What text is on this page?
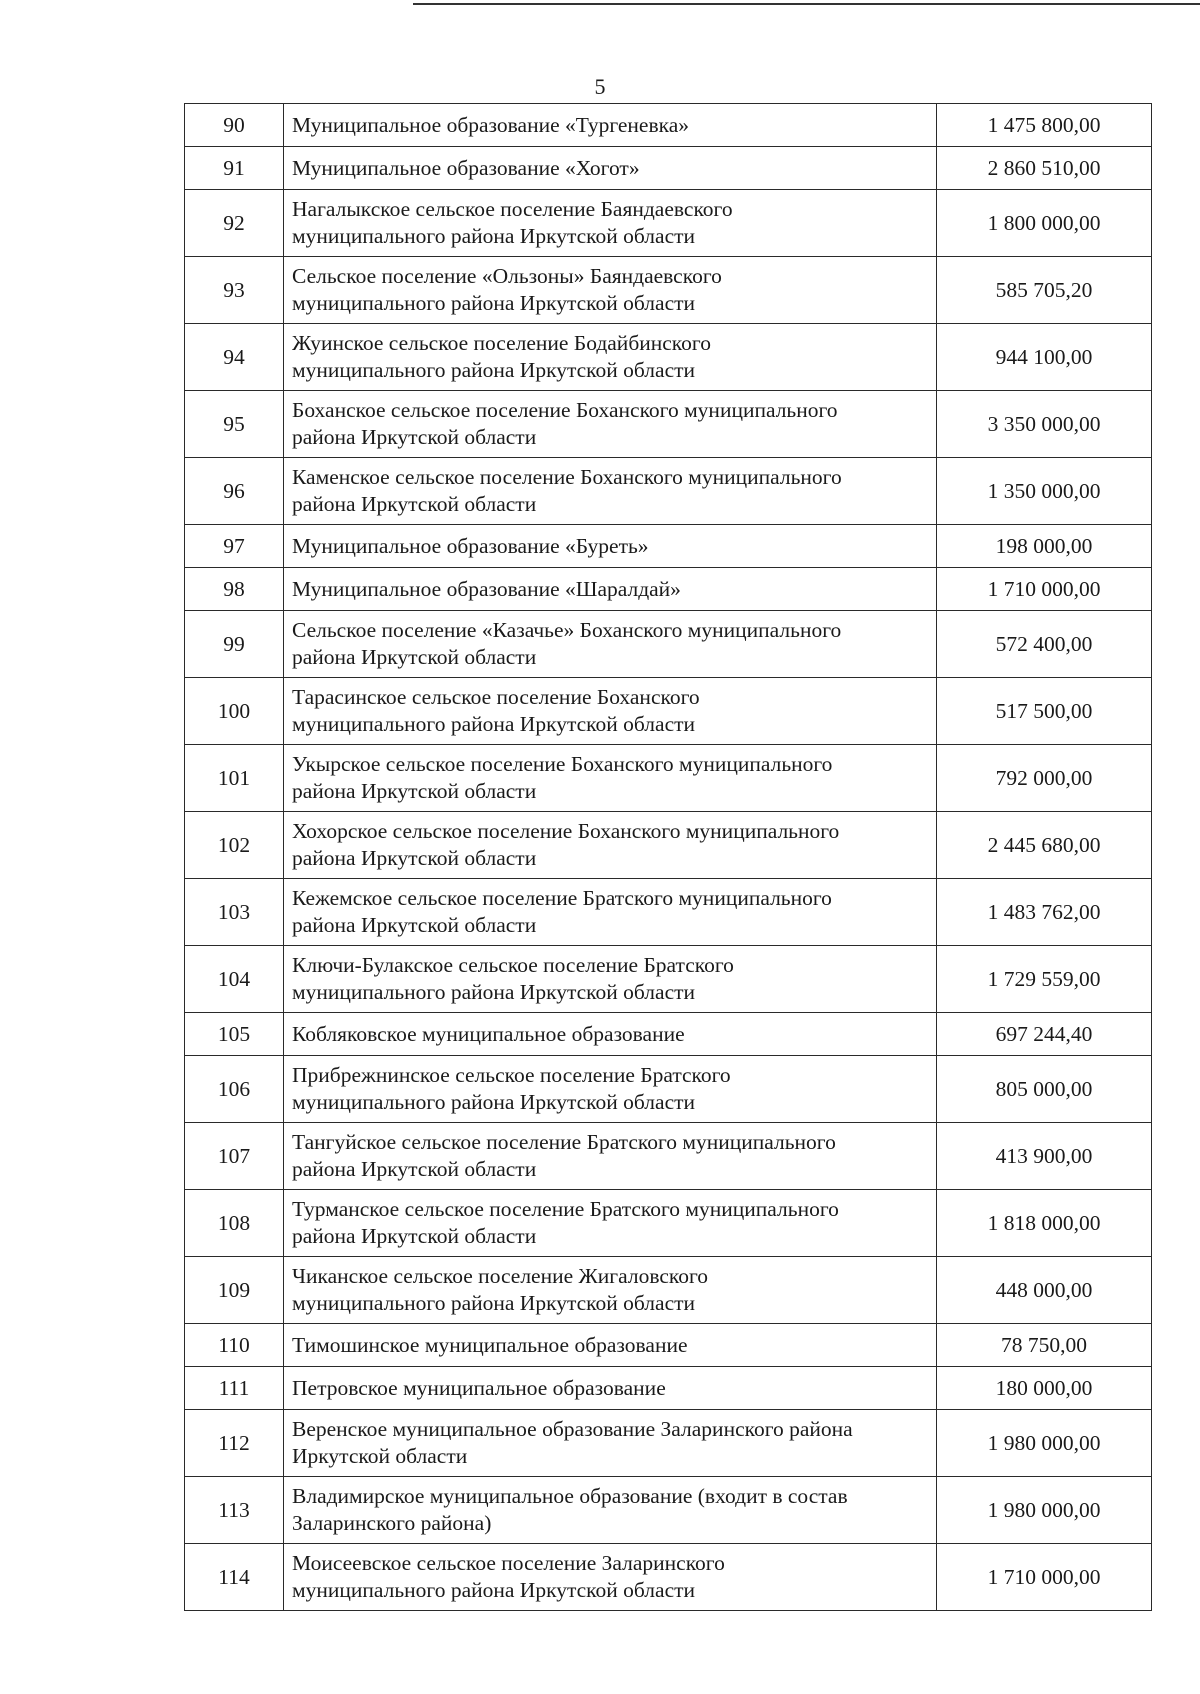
5
90	Муниципальное образование «Тургеневка»	1 475 800,00
91	Муниципальное образование «Хогот»	2 860 510,00
92	Нагалыкское сельское поселение Баяндаевского
муниципального района Иркутской области	1 800 000,00
93	Сельское поселение «Ользоны» Баяндаевского
муниципального района Иркутской области	585 705,20
94	Жуинское сельское поселение Бодайбинского
муниципального района Иркутской области	944 100,00
95	Боханское сельское поселение Боханского муниципального
района Иркутской области	3 350 000,00
96	Каменское сельское поселение Боханского муниципального
района Иркутской области	1 350 000,00
97	Муниципальное образование «Буреть»	198 000,00
98	Муниципальное образование «Шаралдай»	1 710 000,00
99	Сельское поселение «Казачье» Боханского муниципального
района Иркутской области	572 400,00
100	Тарасинское сельское поселение Боханского
муниципального района Иркутской области	517 500,00
101	Укырское сельское поселение Боханского муниципального
района Иркутской области	792 000,00
102	Хохорское сельское поселение Боханского муниципального
района Иркутской области	2 445 680,00
103	Кежемское сельское поселение Братского муниципального
района Иркутской области	1 483 762,00
104	Ключи-Булакское сельское поселение Братского
муниципального района Иркутской области	1 729 559,00
105	Кобляковское муниципальное образование	697 244,40
106	Прибрежнинское сельское поселение Братского
муниципального района Иркутской области	805 000,00
107	Тангуйское сельское поселение Братского муниципального
района Иркутской области	413 900,00
108	Турманское сельское поселение Братского муниципального
района Иркутской области	1 818 000,00
109	Чиканское сельское поселение Жигаловского
муниципального района Иркутской области	448 000,00
110	Тимошинское муниципальное образование	78 750,00
111	Петровское муниципальное образование	180 000,00
112	Веренское муниципальное образование Заларинского района
Иркутской области	1 980 000,00
113	Владимирское муниципальное образование (входит в состав
Заларинского района)	1 980 000,00
114	Моисеевское сельское поселение Заларинского
муниципального района Иркутской области	1 710 000,00
